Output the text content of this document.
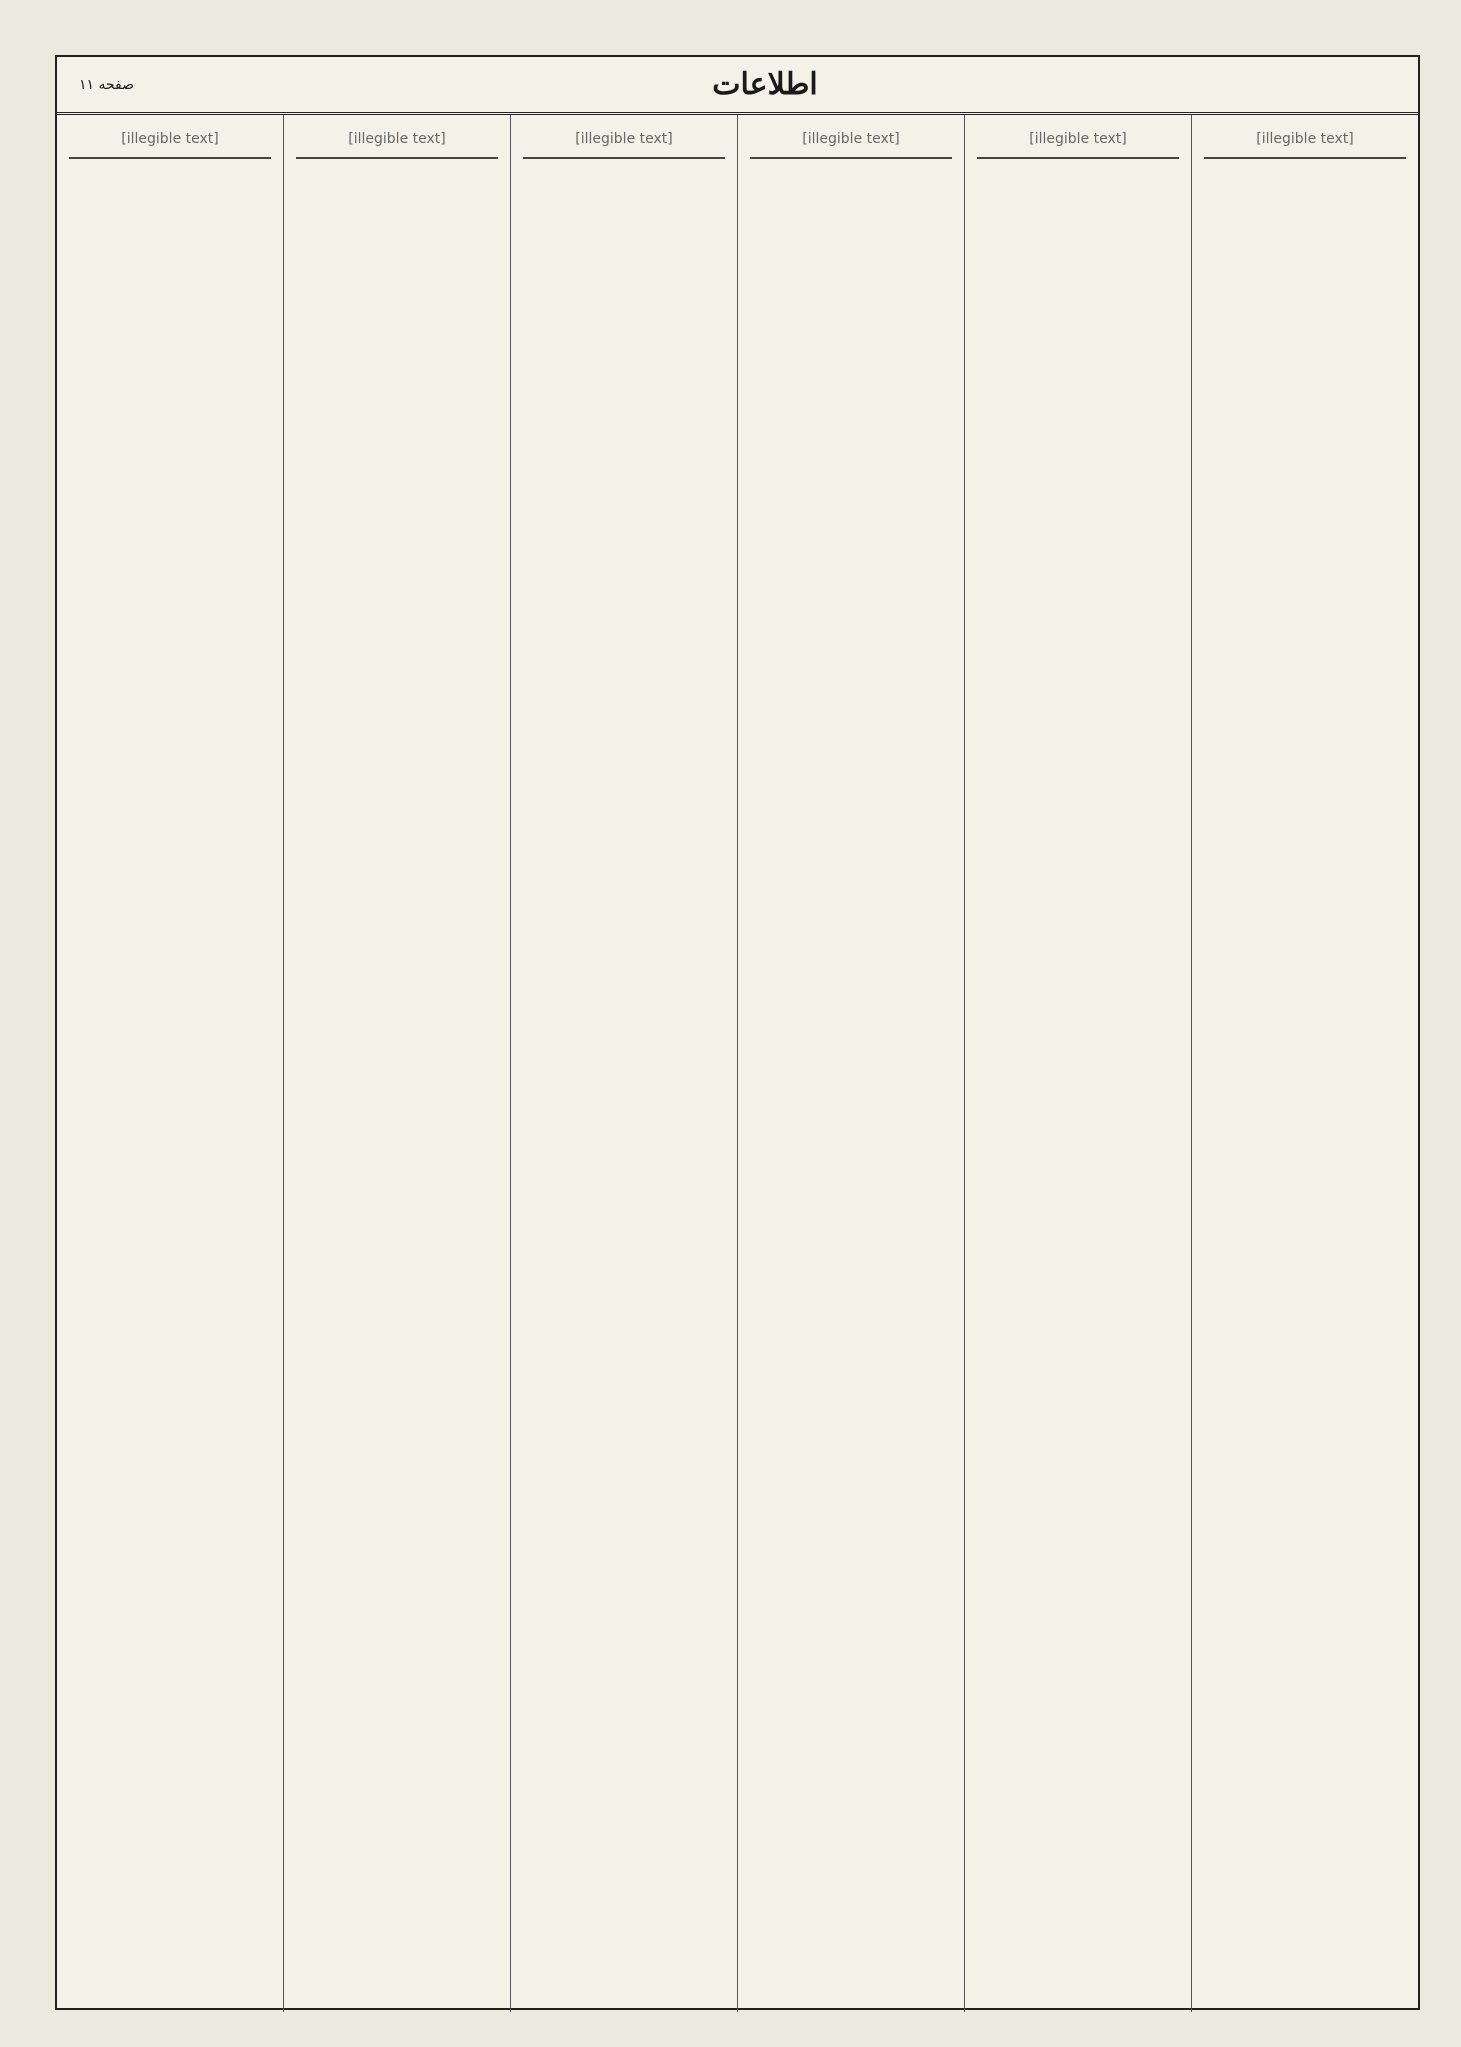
صفحه ۱۱	اطلاعات
[illegible text]	[illegible text]	[illegible text]	[illegible text]	[illegible text]	[illegible text]
